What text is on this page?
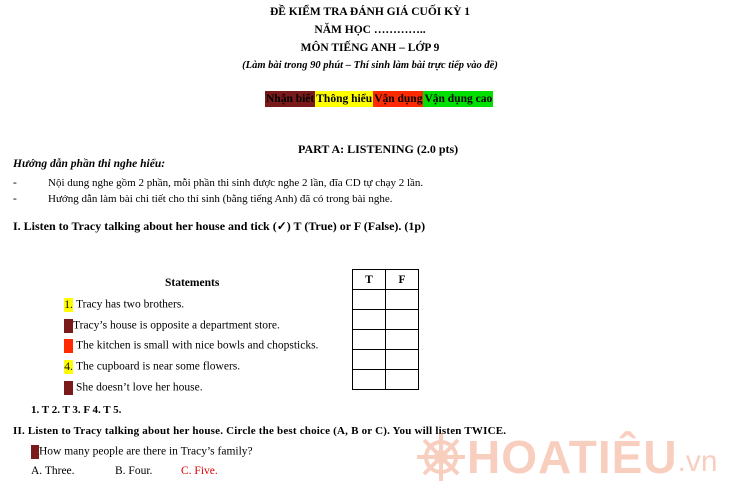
ĐỀ KIỂM TRA ĐÁNH GIÁ CUỐI KỲ 1
NĂM HỌC …………..
MÔN TIẾNG ANH – LỚP 9
(Làm bài trong 90 phút – Thí sinh làm bài trực tiếp vào đề)
Nhận biết Thông hiểu Vận dụng Vận dụng cao
PART A: LISTENING (2.0 pts)
Hướng dẫn phần thi nghe hiểu:
-	Nội dung nghe gồm 2 phần, mỗi phần thi sinh được nghe 2 lần, đĩa CD tự chạy 2 lần.
-	Hướng dẫn làm bài chi tiết cho thí sinh (bằng tiếng Anh) đã có trong bài nghe.
I. Listen to Tracy talking about her house and tick (✓) T (True) or F (False). (1p)
Statements	T	F

1. Tracy has two brothers.
Tracy’s house is opposite a department store.
The kitchen is small with nice bowls and chopsticks.
4. The cupboard is near some flowers.
She doesn’t love her house.
1. T 2. T 3. F 4. T 5.
II. Listen to Tracy talking about her house. Circle the best choice (A, B or C). You will listen TWICE.
How many people are there in Tracy’s family?
A. Three.	B. Four. C. Five.	HOATIÊU .vn
